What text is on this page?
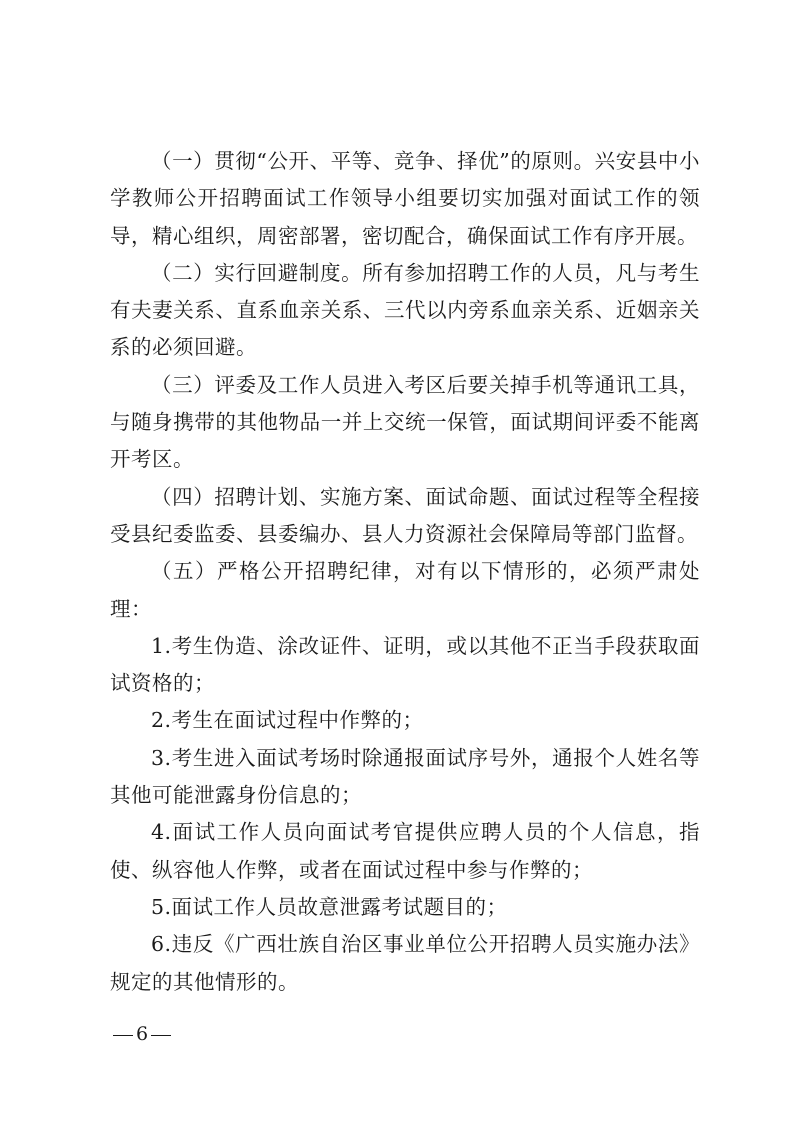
（一）贯彻“公开、平等、竞争、择优”的原则。兴安县中小学教师公开招聘面试工作领导小组要切实加强对面试工作的领导，精心组织，周密部署，密切配合，确保面试工作有序开展。

（二）实行回避制度。所有参加招聘工作的人员，凡与考生有夫妻关系、直系血亲关系、三代以内旁系血亲关系、近姻亲关系的必须回避。

（三）评委及工作人员进入考区后要关掉手机等通讯工具，与随身携带的其他物品一并上交统一保管，面试期间评委不能离开考区。

（四）招聘计划、实施方案、面试命题、面试过程等全程接受县纪委监委、县委编办、县人力资源社会保障局等部门监督。

（五）严格公开招聘纪律，对有以下情形的，必须严肃处理：

1.考生伪造、涂改证件、证明，或以其他不正当手段获取面试资格的；

2.考生在面试过程中作弊的；

3.考生进入面试考场时除通报面试序号外，通报个人姓名等其他可能泄露身份信息的；

4.面试工作人员向面试考官提供应聘人员的个人信息，指使、纵容他人作弊，或者在面试过程中参与作弊的；

5.面试工作人员故意泄露考试题目的；

6.违反《广西壮族自治区事业单位公开招聘人员实施办法》规定的其他情形的。

6
